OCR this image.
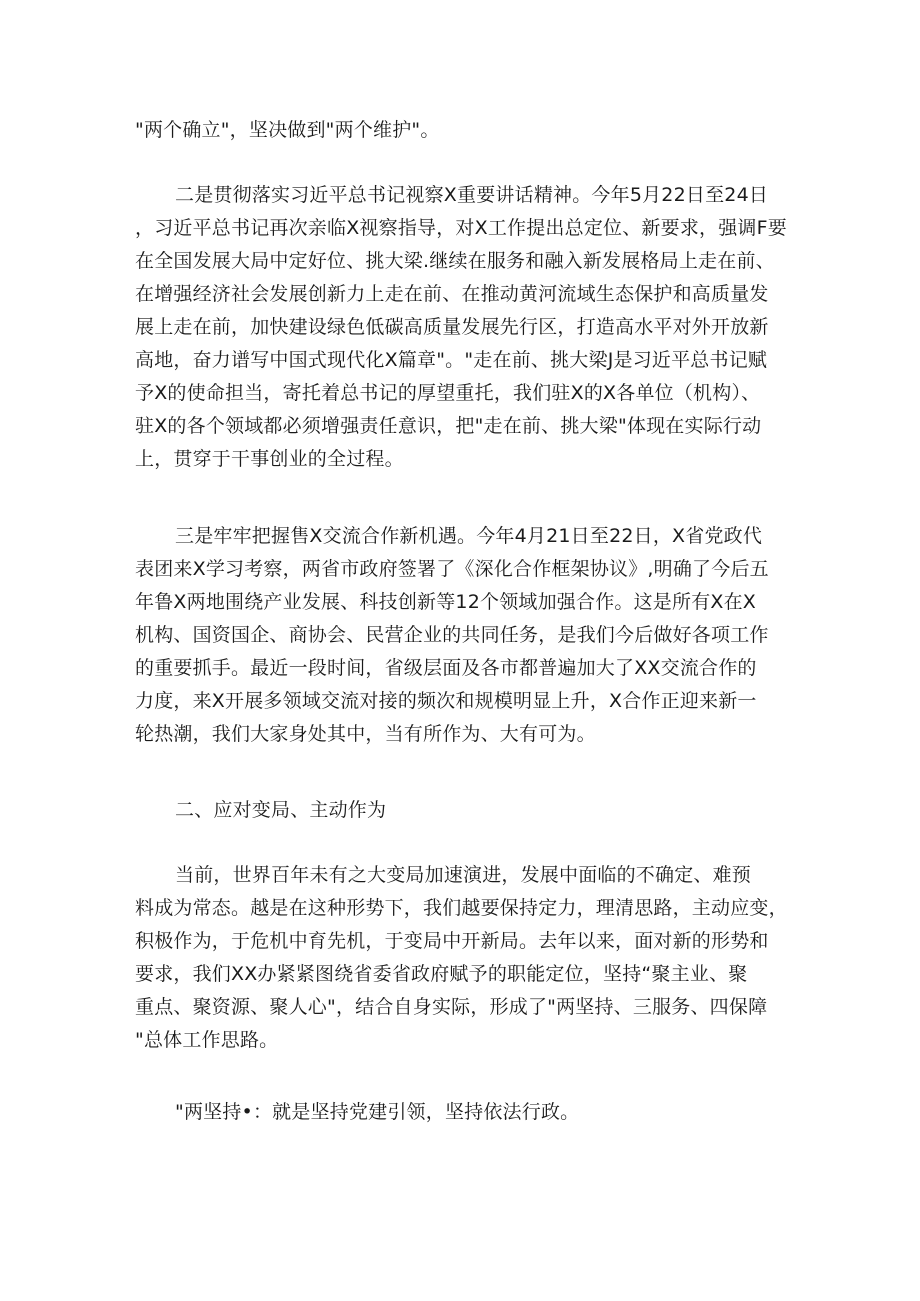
"两个确立"，坚决做到"两个维护"。
二是贯彻落实习近平总书记视察X重要讲话精神。今年5月22日至24日
，习近平总书记再次亲临X视察指导，对X工作提出总定位、新要求，强调F要
在全国发展大局中定好位、挑大梁.继续在服务和融入新发展格局上走在前、
在增强经济社会发展创新力上走在前、在推动黄河流域生态保护和高质量发
展上走在前，加快建设绿色低碳高质量发展先行区，打造高水平对外开放新
高地，奋力谱写中国式现代化X篇章"。"走在前、挑大梁J是习近平总书记赋
予X的使命担当，寄托着总书记的厚望重托，我们驻X的X各单位（机构）、
驻X的各个领域都必须增强责任意识，把"走在前、挑大梁"体现在实际行动
上，贯穿于干事创业的全过程。
三是牢牢把握售X交流合作新机遇。今年4月21日至22日，X省党政代
表团来X学习考察，两省市政府签署了《深化合作框架协议》,明确了今后五
年鲁X两地围绕产业发展、科技创新等12个领域加强合作。这是所有X在X
机构、国资国企、商协会、民营企业的共同任务，是我们今后做好各项工作
的重要抓手。最近一段时间，省级层面及各市都普遍加大了XX交流合作的
力度，来X开展多领域交流对接的频次和规模明显上升，X合作正迎来新一
轮热潮，我们大家身处其中，当有所作为、大有可为。
二、应对变局、主动作为
当前，世界百年未有之大变局加速演进，发展中面临的不确定、难预
料成为常态。越是在这种形势下，我们越要保持定力，理清思路，主动应变，
积极作为，于危机中育先机，于变局中开新局。去年以来，面对新的形势和
要求，我们XX办紧紧图绕省委省政府赋予的职能定位，坚持“聚主业、聚
重点、聚资源、聚人心"，结合自身实际，形成了"两坚持、三服务、四保障
"总体工作思路。
"两坚持•：就是坚持党建引领，坚持依法行政。
